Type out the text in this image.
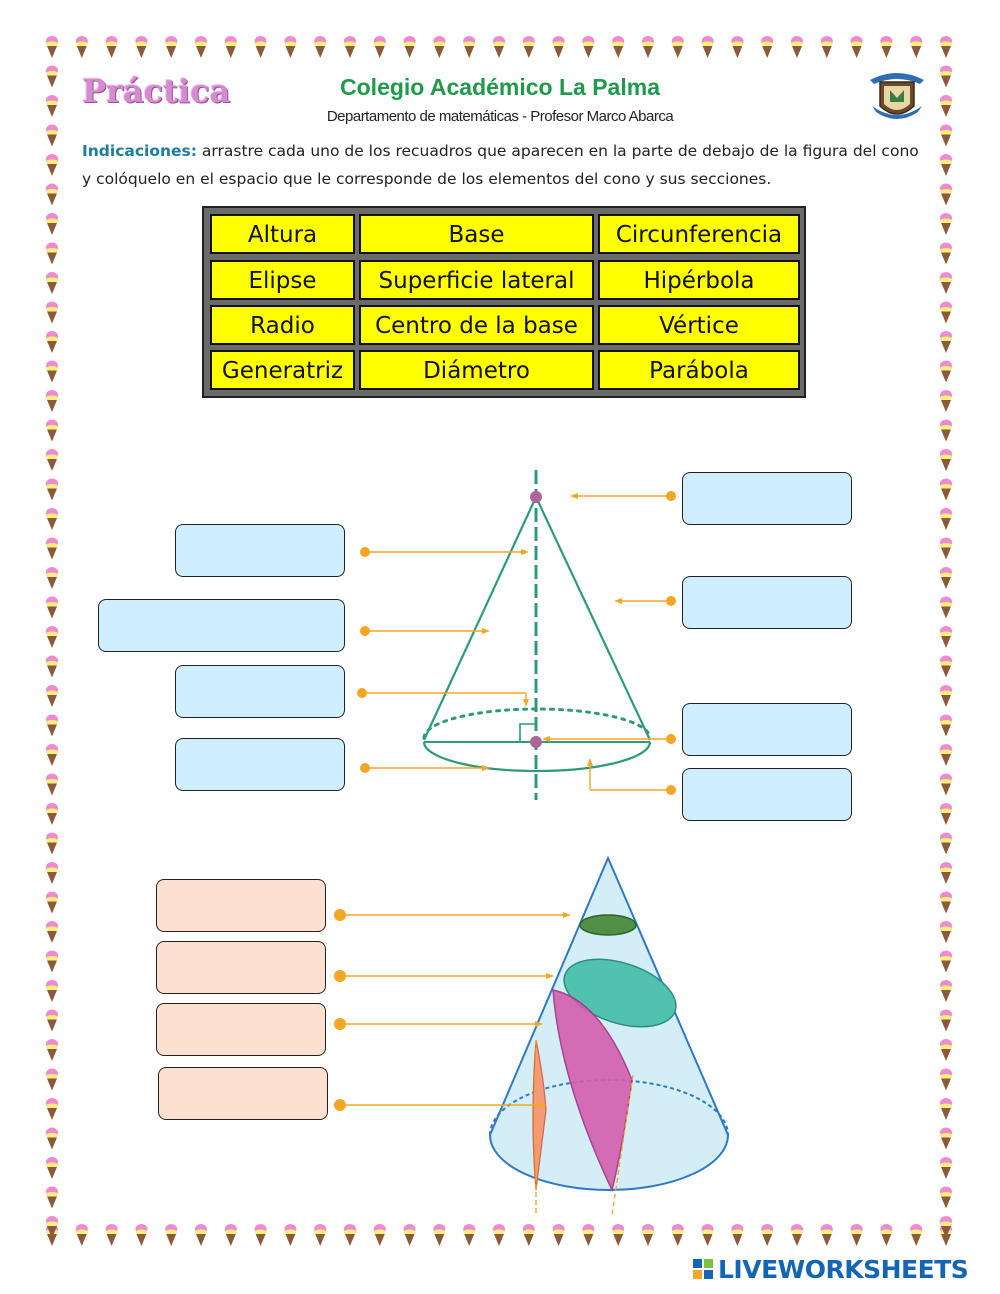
Práctica	Colegio Académico La Palma
Departamento de matemáticas - Profesor Marco Abarca
Indicaciones: arrastre cada uno de los recuadros que aparecen en la parte de debajo de la figura del cono y colóquelo en el espacio que le corresponde de los elementos del cono y sus secciones.
Altura	Base	Circunferencia
Elipse	Superficie lateral	Hipérbola
Radio	Centro de la base	Vértice
Generatriz	Diámetro	Parábola
LIVEWORKSHEETS
